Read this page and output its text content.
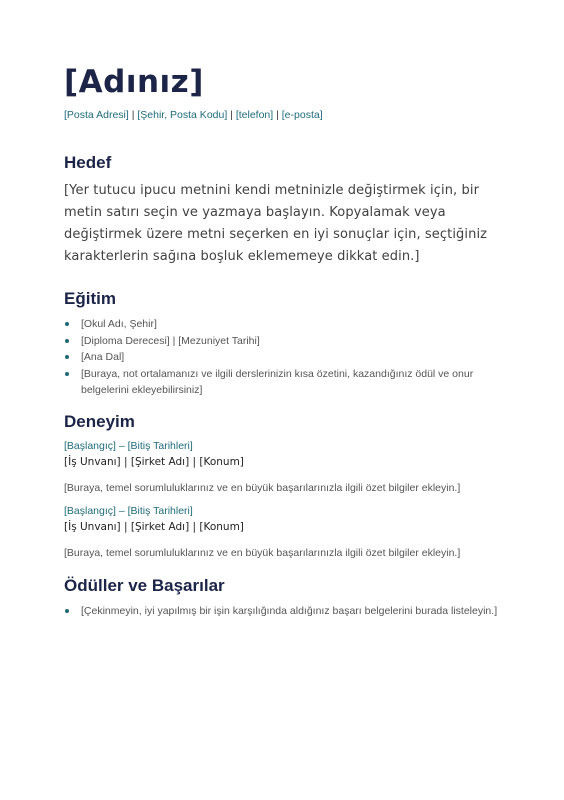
[Adınız]
[Posta Adresi] | [Şehir, Posta Kodu] | [telefon] | [e-posta]
Hedef
[Yer tutucu ipucu metnini kendi metninizle değiştirmek için, bir metin satırı seçin ve yazmaya başlayın. Kopyalamak veya değiştirmek üzere metni seçerken en iyi sonuçlar için, seçtiğiniz karakterlerin sağına boşluk eklememeye dikkat edin.]
Eğitim
[Okul Adı, Şehir]
[Diploma Derecesi] | [Mezuniyet Tarihi]
[Ana Dal]
[Buraya, not ortalamanızı ve ilgili derslerinizin kısa özetini, kazandığınız ödül ve onur belgelerini ekleyebilirsiniz]
Deneyim
[Başlangıç] – [Bitiş Tarihleri]
[İş Unvanı] | [Şirket Adı] | [Konum]
[Buraya, temel sorumluluklarınız ve en büyük başarılarınızla ilgili özet bilgiler ekleyin.]
[Başlangıç] – [Bitiş Tarihleri]
[İş Unvanı] | [Şirket Adı] | [Konum]
[Buraya, temel sorumluluklarınız ve en büyük başarılarınızla ilgili özet bilgiler ekleyin.]
Ödüller ve Başarılar
[Çekinmeyin, iyi yapılmış bir işin karşılığında aldığınız başarı belgelerini burada listeleyin.]
